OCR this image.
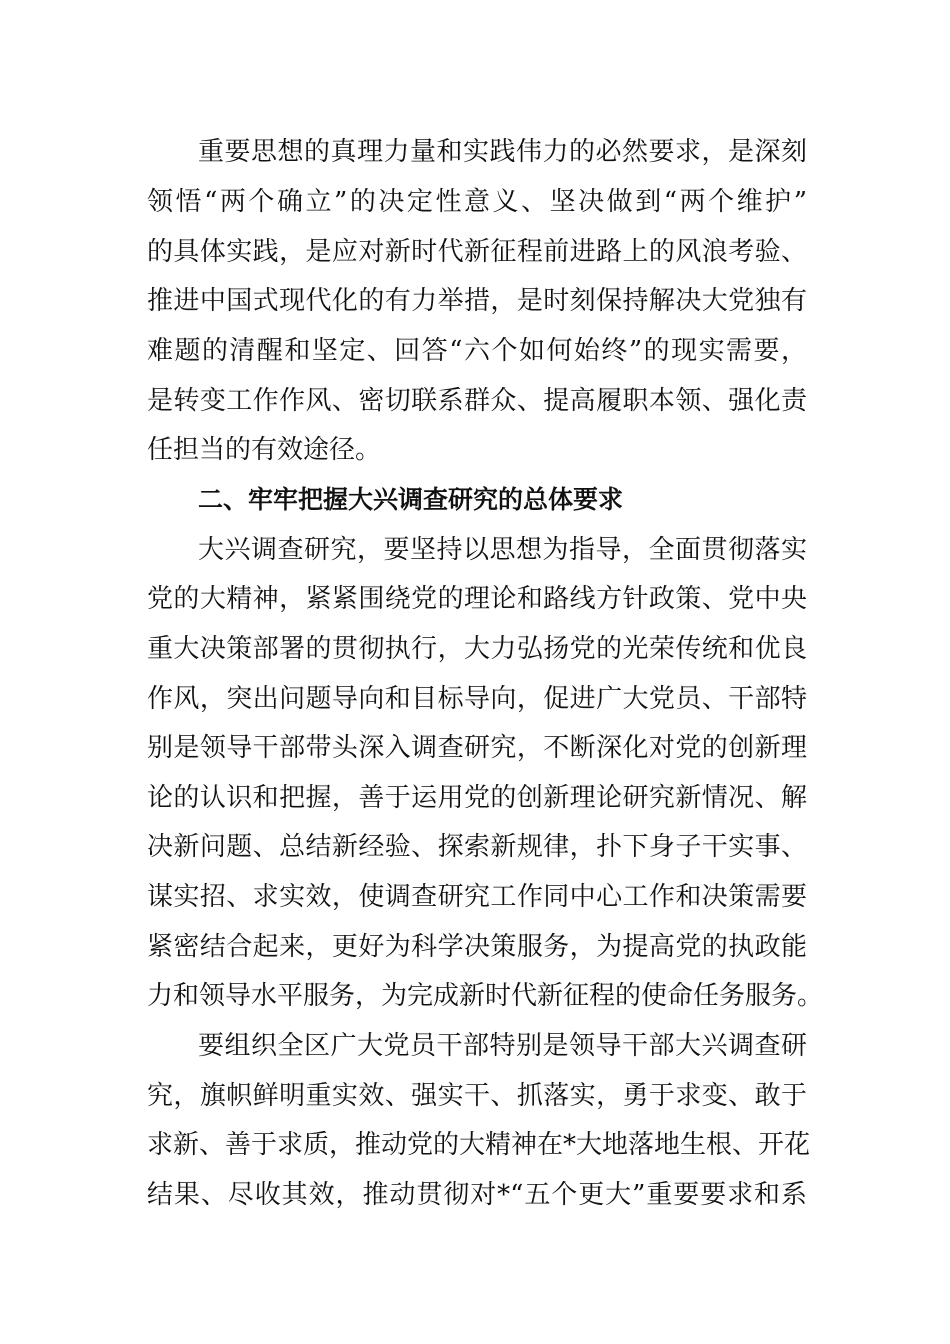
重要思想的真理力量和实践伟力的必然要求，是深刻
领悟“两个确立”的决定性意义、坚决做到“两个维护”
的具体实践，是应对新时代新征程前进路上的风浪考验、
推进中国式现代化的有力举措，是时刻保持解决大党独有
难题的清醒和坚定、回答“六个如何始终”的现实需要，
是转变工作作风、密切联系群众、提高履职本领、强化责
任担当的有效途径。
二、牢牢把握大兴调查研究的总体要求
大兴调查研究，要坚持以思想为指导，全面贯彻落实
党的大精神，紧紧围绕党的理论和路线方针政策、党中央
重大决策部署的贯彻执行，大力弘扬党的光荣传统和优良
作风，突出问题导向和目标导向，促进广大党员、干部特
别是领导干部带头深入调查研究，不断深化对党的创新理
论的认识和把握，善于运用党的创新理论研究新情况、解
决新问题、总结新经验、探索新规律，扑下身子干实事、
谋实招、求实效，使调查研究工作同中心工作和决策需要
紧密结合起来，更好为科学决策服务，为提高党的执政能
力和领导水平服务，为完成新时代新征程的使命任务服务。
要组织全区广大党员干部特别是领导干部大兴调查研
究，旗帜鲜明重实效、强实干、抓落实，勇于求变、敢于
求新、善于求质，推动党的大精神在*大地落地生根、开花
结果、尽收其效，推动贯彻对*“五个更大”重要要求和系
